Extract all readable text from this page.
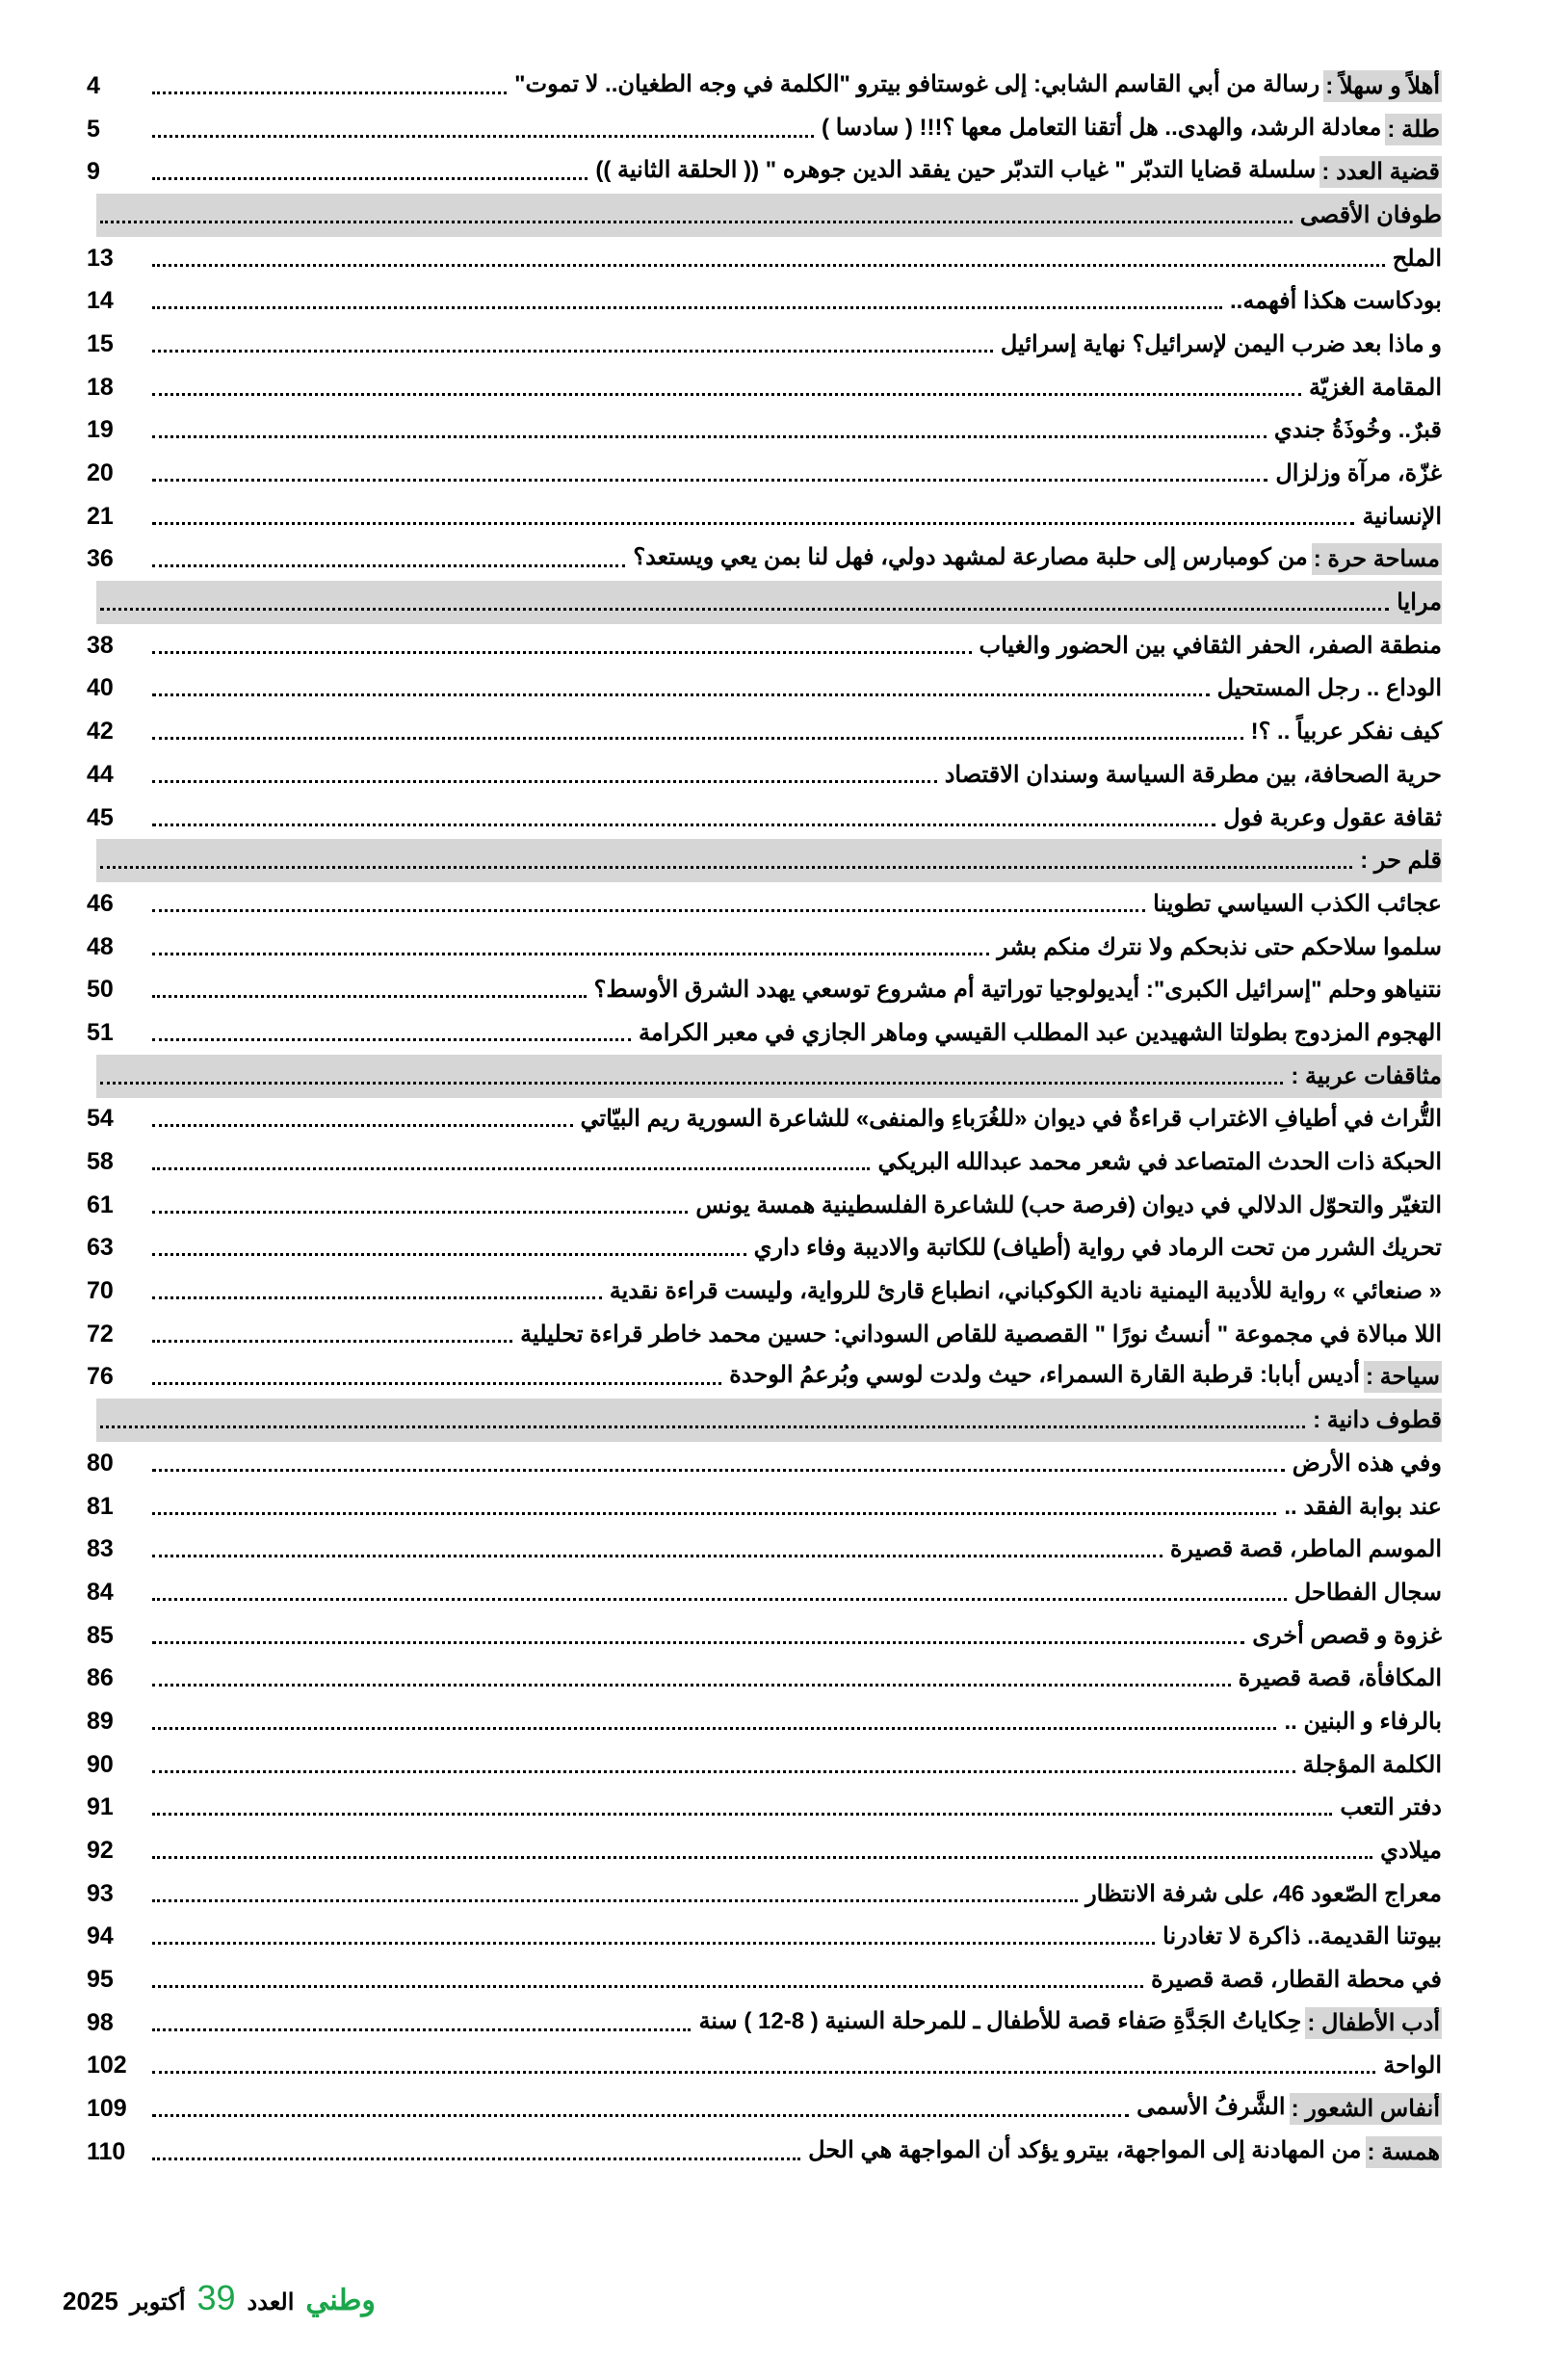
أهلاً و سهلاً :
رسالة من أبي القاسم الشابي: إلى غوستافو بيترو "الكلمة في وجه الطغيان.. لا تموت"
4
طلة :
معادلة الرشد، والهدى.. هل أتقنا التعامل معها ؟!!! ( سادسا )
5
قضية العدد :
سلسلة قضايا التدبّر " غياب التدبّر حين يفقد الدين جوهره " (( الحلقة الثانية ))
9
طوفان الأقصى
الملح
13
بودكاست هكذا أفهمه..
14
و ماذا بعد ضرب اليمن لإسرائيل؟ نهاية إسرائيل
15
المقامة الغزيّة
18
قبرٌ.. وخُوذَةُ جندي
19
غزّة، مرآة وزلزال
20
الإنسانية
21
مساحة حرة :
من كومبارس إلى حلبة مصارعة لمشهد دولي، فهل لنا بمن يعي ويستعد؟
36
مرايا
منطقة الصفر، الحفر الثقافي بين الحضور والغياب
38
الوداع .. رجل المستحيل
40
كيف نفكر عربياً .. ؟!
42
حرية الصحافة، بين مطرقة السياسة وسندان الاقتصاد
44
ثقافة عقول وعربة فول
45
قلم حر :
عجائب الكذب السياسي تطوينا
46
سلموا سلاحكم حتى نذبحكم ولا نترك منكم بشر
48
نتنياهو وحلم "إسرائيل الكبرى": أيديولوجيا توراتية أم مشروع توسعي يهدد الشرق الأوسط؟
50
الهجوم المزدوج بطولتا الشهيدين عبد المطلب القيسي وماهر الجازي في معبر الكرامة
51
مثاقفات عربية :
التُّراث في أطيافِ الاغتراب قراءةٌ في ديوان «للغُرَباءِ والمنفى» للشاعرة السورية ريم البيّاتي
54
الحبكة ذات الحدث المتصاعد في شعر محمد عبدالله البريكي
58
التغيّر والتحوّل الدلالي في ديوان (فرصة حب) للشاعرة الفلسطينية همسة يونس
61
تحريك الشرر من تحت الرماد في رواية (أطياف) للكاتبة والاديبة وفاء داري
63
« صنعائي » رواية للأديبة اليمنية نادية الكوكباني، انطباع قارئ للرواية، وليست قراءة نقدية
70
اللا مبالاة في مجموعة " أنستُ نورًا " القصصية للقاص السوداني: حسين محمد خاطر قراءة تحليلية
72
سياحة :
أديس أبابا: قرطبة القارة السمراء، حيث ولدت لوسي وبُرعمُ الوحدة
76
قطوف دانية :
وفي هذه الأرض
80
عند بوابة الفقد ..
81
الموسم الماطر، قصة قصيرة
83
سجال الفطاحل
84
غزوة و قصص أخرى
85
المكافأة، قصة قصيرة
86
بالرفاء و البنين ..
89
الكلمة المؤجلة
90
دفتر التعب
91
ميلادي
92
معراج الصّعود 46، على شرفة الانتظار
93
بيوتنا القديمة.. ذاكرة لا تغادرنا
94
في محطة القطار، قصة قصيرة
95
أدب الأطفال :
حِكاياتُ الجَدَّةِ صَفاء قصة للأطفال ـ للمرحلة السنية ( 8-12 ) سنة
98
الواحة
102
أنفاس الشعور :
الشَّرفُ الأسمى
109
همسة :
من المهادنة إلى المواجهة، بيترو يؤكد أن المواجهة هي الحل
110
وطني
العدد
39
أكتوبر
2025
